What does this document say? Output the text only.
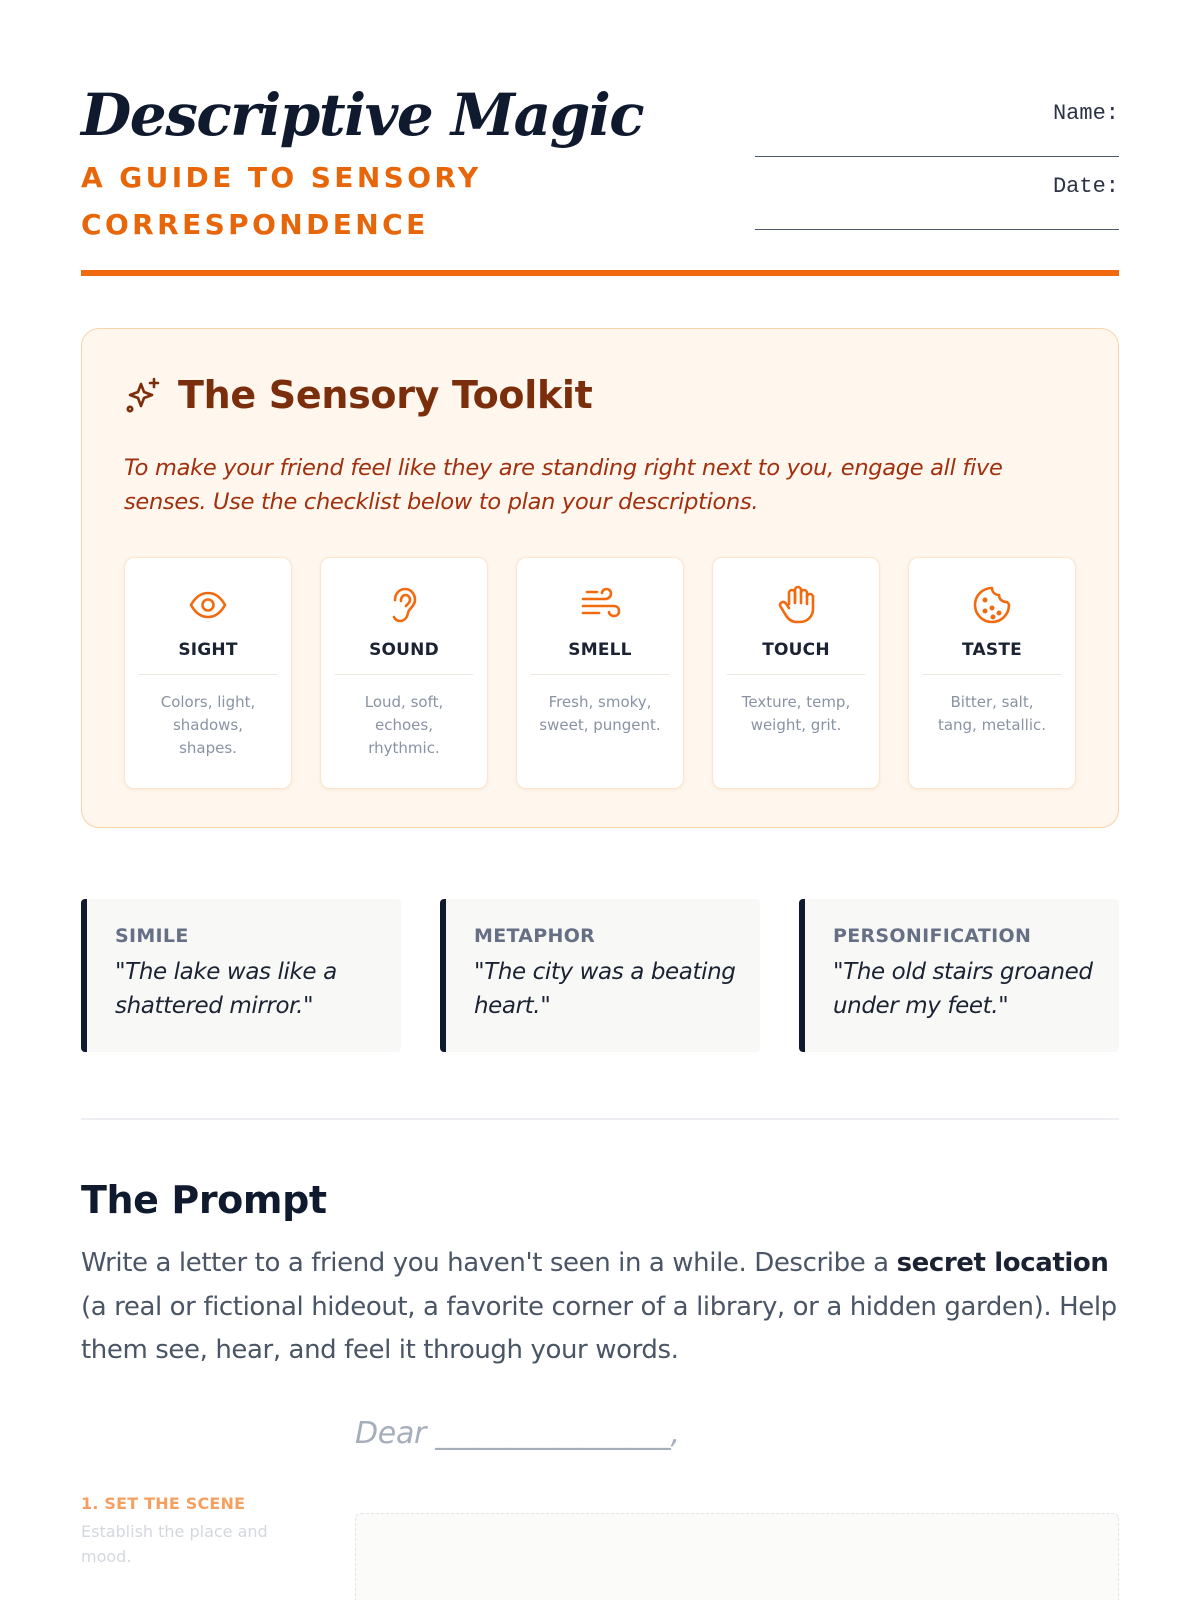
Descriptive Magic
A GUIDE TO SENSORY CORRESPONDENCE
Name:
Date:
The Sensory Toolkit

To make your friend feel like they are standing right next to you, engage all five senses. Use the checklist below to plan your descriptions.

SIGHT
Colors, light, shadows, shapes.
SOUND
Loud, soft, echoes, rhythmic.
SMELL
Fresh, smoky, sweet, pungent.
TOUCH
Texture, temp, weight, grit.
TASTE
Bitter, salt, tang, metallic.
SIMILE
"The lake was like a shattered mirror."
METAPHOR
"The city was a beating heart."
PERSONIFICATION
"The old stairs groaned under my feet."
The Prompt

Write a letter to a friend you haven't seen in a while. Describe a secret location (a real or fictional hideout, a favorite corner of a library, or a hidden garden). Help them see, hear, and feel it through your words.

Dear ________________,
1. SET THE SCENE
Establish the place and mood.
